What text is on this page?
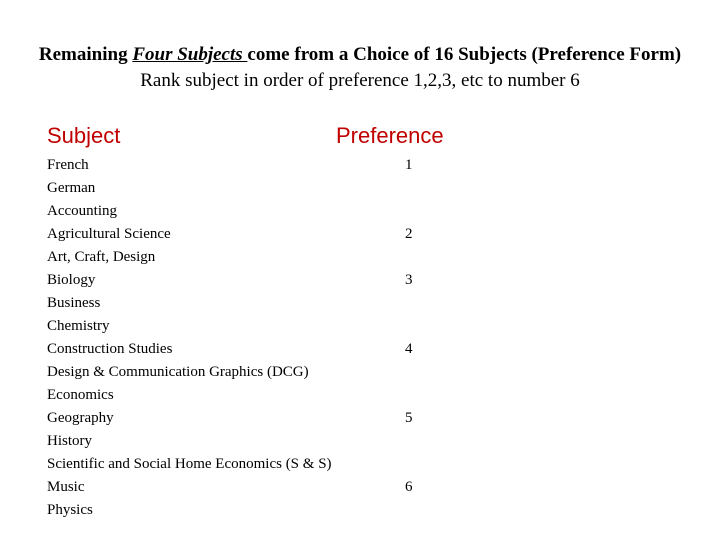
Remaining Four Subjects come from a Choice of 16 Subjects (Preference Form)
Rank subject in order of preference 1,2,3, etc to number 6
Subject	Preference
French	1
German
Accounting
Agricultural Science	2
Art, Craft, Design
Biology	3
Business
Chemistry
Construction Studies	4
Design & Communication Graphics (DCG)
Economics
Geography	5
History
Scientific and Social Home Economics (S & S)
Music	6
Physics
